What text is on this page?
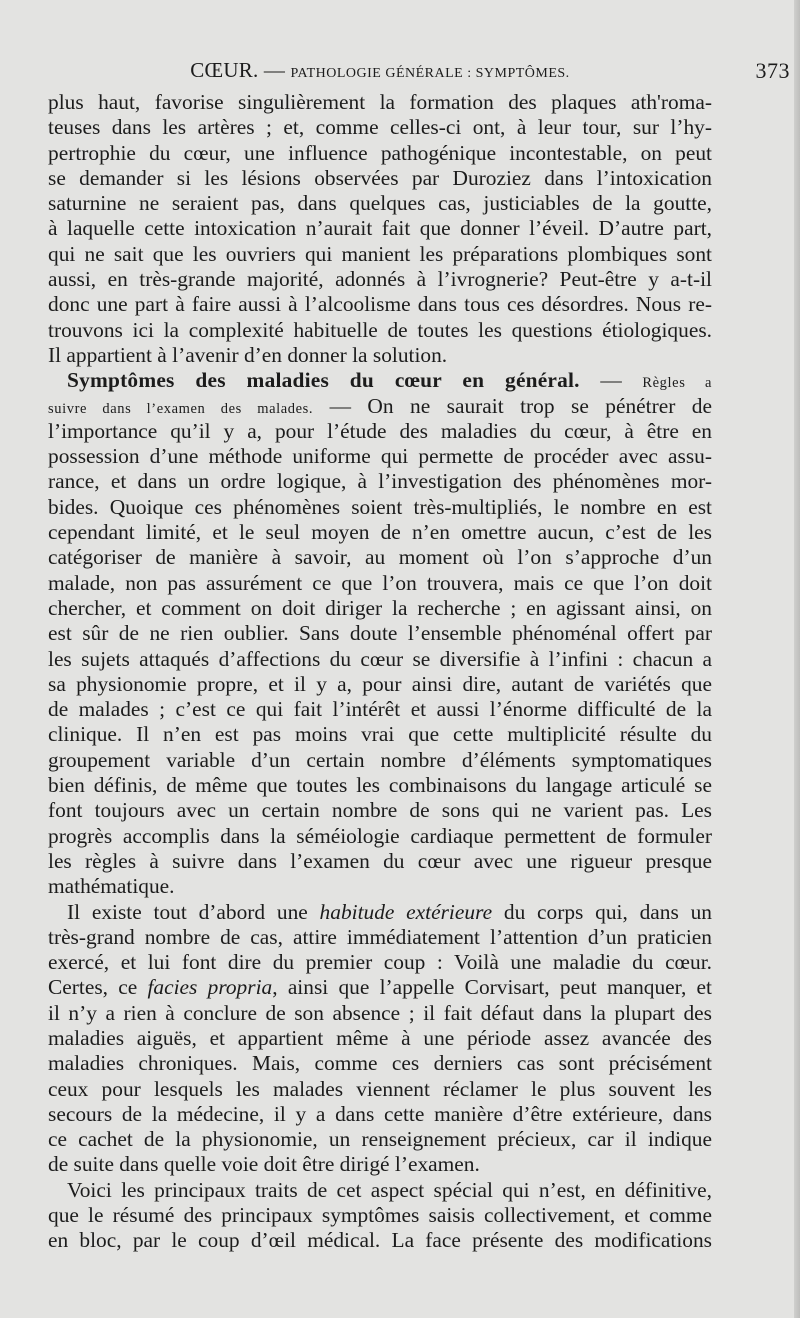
CŒUR. — PATHOLOGIE GÉNÉRALE : SYMPTÔMES.	373
plus haut, favorise singulièrement la formation des plaques ath'roma-
teuses dans les artères ; et, comme celles-ci ont, à leur tour, sur l’hy-
pertrophie du cœur, une influence pathogénique incontestable, on peut
se demander si les lésions observées par Duroziez dans l’intoxication
saturnine ne seraient pas, dans quelques cas, justiciables de la goutte,
à laquelle cette intoxication n’aurait fait que donner l’éveil. D’autre part,
qui ne sait que les ouvriers qui manient les préparations plombiques sont
aussi, en très-grande majorité, adonnés à l’ivrognerie? Peut-être y a-t-il
donc une part à faire aussi à l’alcoolisme dans tous ces désordres. Nous re-
trouvons ici la complexité habituelle de toutes les questions étiologiques.
Il appartient à l’avenir d’en donner la solution.
Symptômes des maladies du cœur en général. — Règles a
suivre dans l’examen des malades. — On ne saurait trop se pénétrer de
l’importance qu’il y a, pour l’étude des maladies du cœur, à être en
possession d’une méthode uniforme qui permette de procéder avec assu-
rance, et dans un ordre logique, à l’investigation des phénomènes mor-
bides. Quoique ces phénomènes soient très-multipliés, le nombre en est
cependant limité, et le seul moyen de n’en omettre aucun, c’est de les
catégoriser de manière à savoir, au moment où l’on s’approche d’un
malade, non pas assurément ce que l’on trouvera, mais ce que l’on doit
chercher, et comment on doit diriger la recherche ; en agissant ainsi, on
est sûr de ne rien oublier. Sans doute l’ensemble phénoménal offert par
les sujets attaqués d’affections du cœur se diversifie à l’infini : chacun a
sa physionomie propre, et il y a, pour ainsi dire, autant de variétés que
de malades ; c’est ce qui fait l’intérêt et aussi l’énorme difficulté de la
clinique. Il n’en est pas moins vrai que cette multiplicité résulte du
groupement variable d’un certain nombre d’éléments symptomatiques
bien définis, de même que toutes les combinaisons du langage articulé se
font toujours avec un certain nombre de sons qui ne varient pas. Les
progrès accomplis dans la séméiologie cardiaque permettent de formuler
les règles à suivre dans l’examen du cœur avec une rigueur presque
mathématique.
Il existe tout d’abord une habitude extérieure du corps qui, dans un
très-grand nombre de cas, attire immédiatement l’attention d’un praticien
exercé, et lui font dire du premier coup : Voilà une maladie du cœur.
Certes, ce facies propria, ainsi que l’appelle Corvisart, peut manquer, et
il n’y a rien à conclure de son absence ; il fait défaut dans la plupart des
maladies aiguës, et appartient même à une période assez avancée des
maladies chroniques. Mais, comme ces derniers cas sont précisément
ceux pour lesquels les malades viennent réclamer le plus souvent les
secours de la médecine, il y a dans cette manière d’être extérieure, dans
ce cachet de la physionomie, un renseignement précieux, car il indique
de suite dans quelle voie doit être dirigé l’examen.
Voici les principaux traits de cet aspect spécial qui n’est, en définitive,
que le résumé des principaux symptômes saisis collectivement, et comme
en bloc, par le coup d’œil médical. La face présente des modifications
